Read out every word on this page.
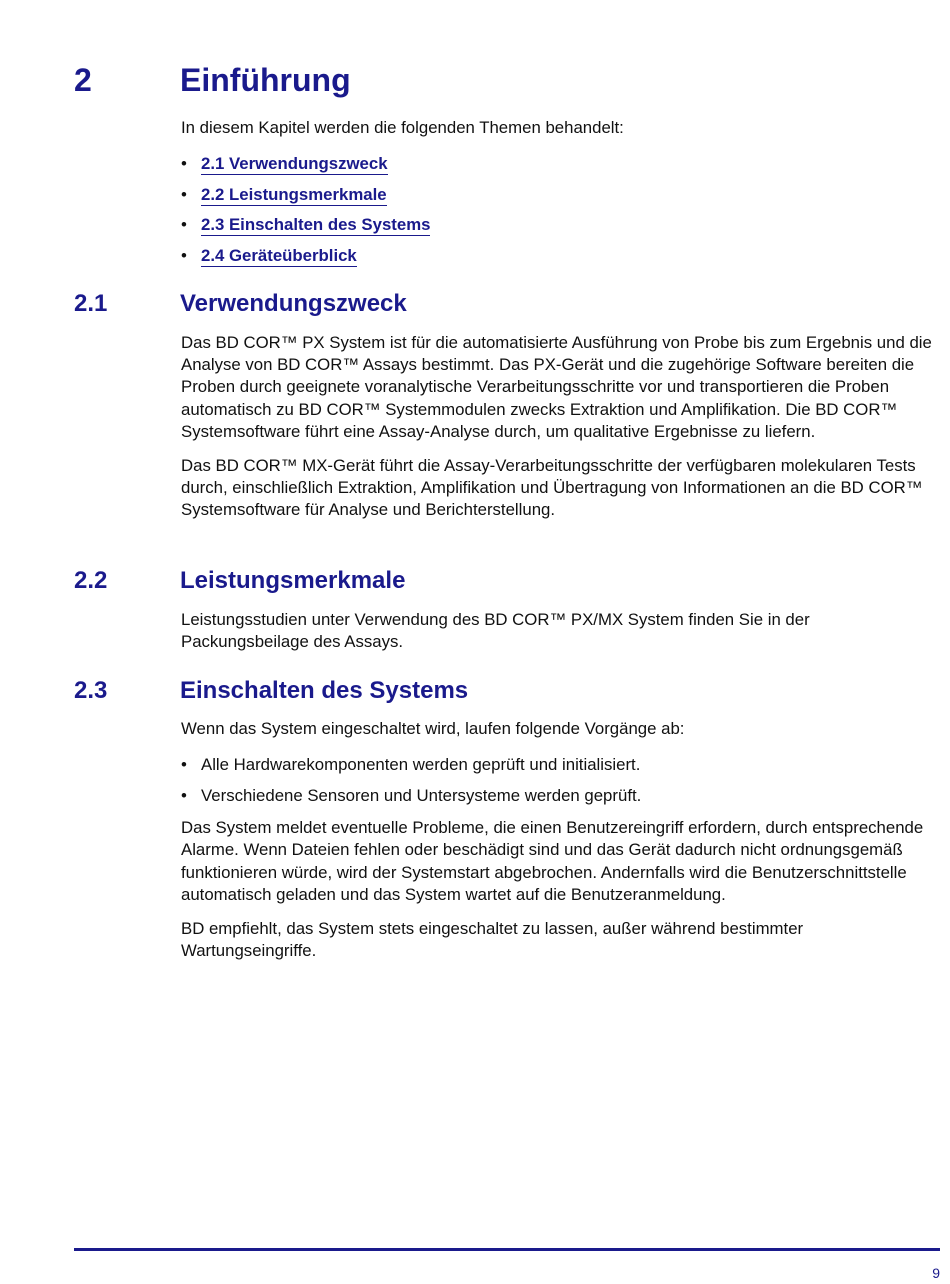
2	Einführung

In diesem Kapitel werden die folgenden Themen behandelt:

• 2.1 Verwendungszweck
• 2.2 Leistungsmerkmale
• 2.3 Einschalten des Systems
• 2.4 Geräteüberblick
2.1	Verwendungszweck

Das BD COR™ PX System ist für die automatisierte Ausführung von Probe bis zum Ergebnis und die Analyse von BD COR™ Assays bestimmt. Das PX-Gerät und die zugehörige Software bereiten die Proben durch geeignete voranalytische Verarbeitungsschritte vor und transportieren die Proben automatisch zu BD COR™ Systemmodulen zwecks Extraktion und Amplifikation. Die BD COR™ Systemsoftware führt eine Assay-Analyse durch, um qualitative Ergebnisse zu liefern.

Das BD COR™ MX-Gerät führt die Assay-Verarbeitungsschritte der verfügbaren molekularen Tests durch, einschließlich Extraktion, Amplifikation und Übertragung von Informationen an die BD COR™ Systemsoftware für Analyse und Berichterstellung.

2.2	Leistungsmerkmale

Leistungsstudien unter Verwendung des BD COR™ PX/MX System finden Sie in der Packungsbeilage des Assays.

2.3	Einschalten des Systems

Wenn das System eingeschaltet wird, laufen folgende Vorgänge ab:

• Alle Hardwarekomponenten werden geprüft und initialisiert.
• Verschiedene Sensoren und Untersysteme werden geprüft.

Das System meldet eventuelle Probleme, die einen Benutzereingriff erfordern, durch entsprechende Alarme. Wenn Dateien fehlen oder beschädigt sind und das Gerät dadurch nicht ordnungsgemäß funktionieren würde, wird der Systemstart abgebrochen. Andernfalls wird die Benutzerschnittstelle automatisch geladen und das System wartet auf die Benutzeranmeldung.

BD empfiehlt, das System stets eingeschaltet zu lassen, außer während bestimmter Wartungseingriffe.

9
